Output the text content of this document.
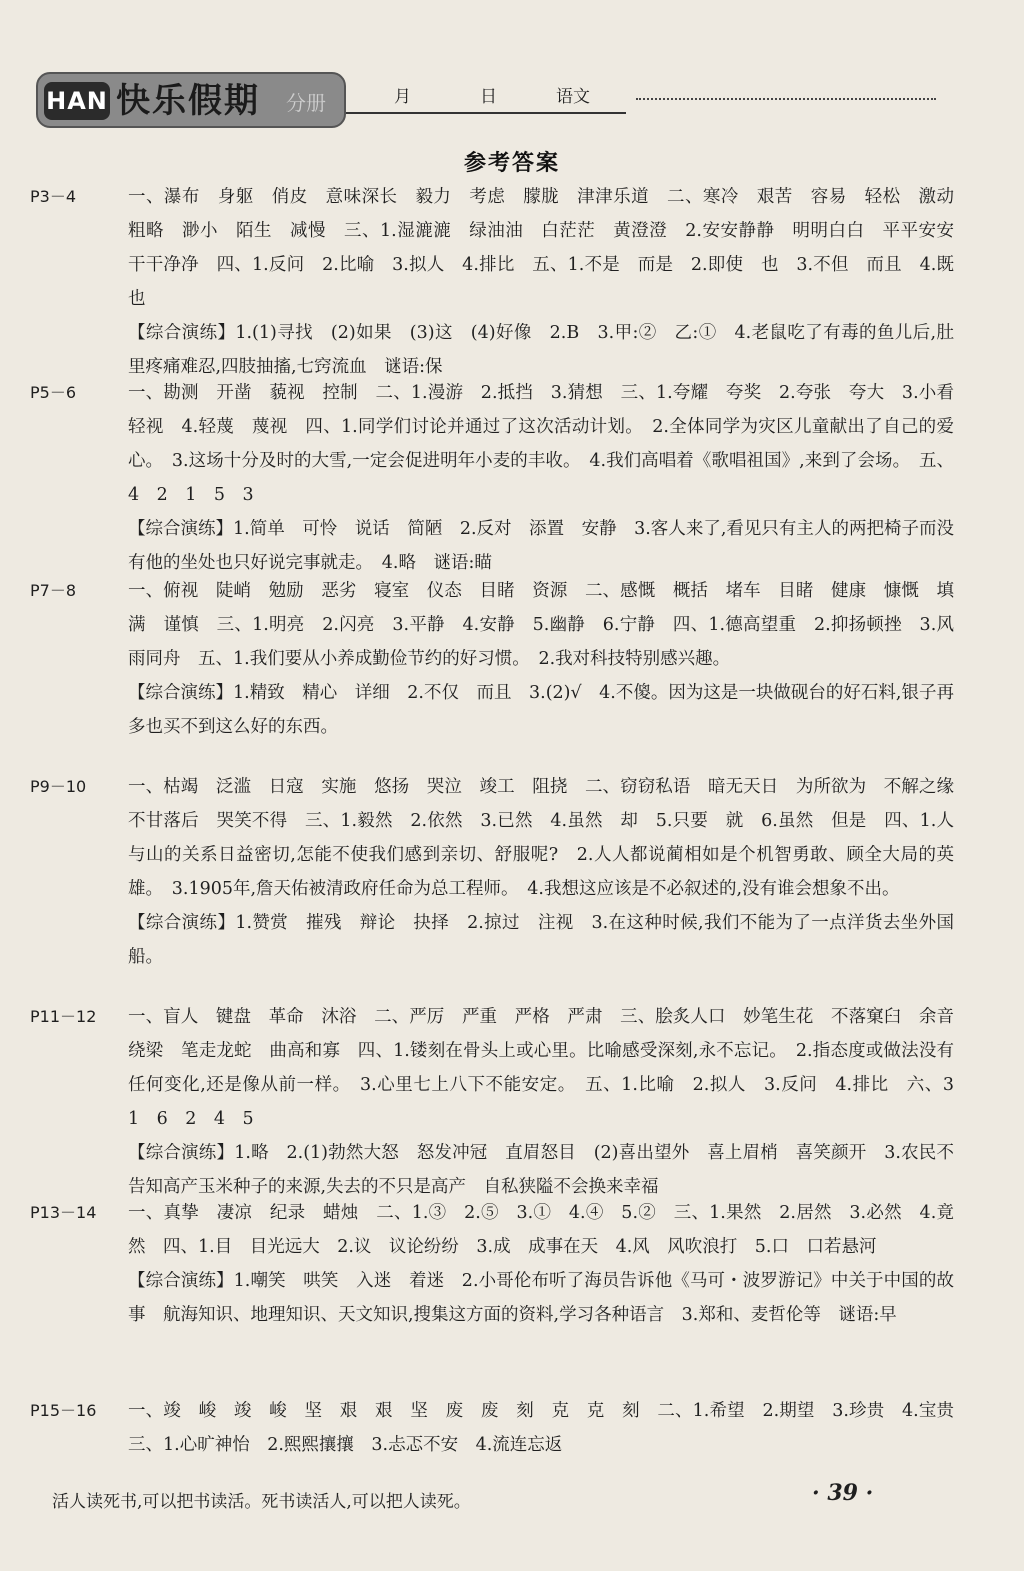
HAN 快乐假期 分册	月	日	语文
参考答案
P3－4	一、瀑布　身躯　俏皮　意味深长　毅力　考虑　朦胧　津津乐道　二、寒冷　艰苦　容易　轻松　激动　粗略　渺小　陌生　减慢　三、1.湿漉漉　绿油油　白茫茫　黄澄澄　2.安安静静　明明白白　平平安安　干干净净　四、1.反问　2.比喻　3.拟人　4.排比　五、1.不是　而是　2.即使　也　3.不但　而且　4.既　也
【综合演练】1.(1)寻找　(2)如果　(3)这　(4)好像　2.B　3.甲:②　乙:①　4.老鼠吃了有毒的鱼儿后,肚里疼痛难忍,四肢抽搐,七窍流血　谜语:保
P5－6	一、勘测　开凿　藐视　控制　二、1.漫游　2.抵挡　3.猜想　三、1.夸耀　夸奖　2.夸张　夸大　3.小看　轻视　4.轻蔑　蔑视　四、1.同学们讨论并通过了这次活动计划。　2.全体同学为灾区儿童献出了自己的爱心。　3.这场十分及时的大雪,一定会促进明年小麦的丰收。　4.我们高唱着《歌唱祖国》,来到了会场。　五、4　2　1　5　3
【综合演练】1.简单　可怜　说话　简陋　2.反对　添置　安静　3.客人来了,看见只有主人的两把椅子而没有他的坐处也只好说完事就走。　4.略　谜语:瞄
P7－8	一、俯视　陡峭　勉励　恶劣　寝室　仪态　目睹　资源　二、感慨　概括　堵车　目睹　健康　慷慨　填满　谨慎　三、1.明亮　2.闪亮　3.平静　4.安静　5.幽静　6.宁静　四、1.德高望重　2.抑扬顿挫　3.风雨同舟　五、1.我们要从小养成勤俭节约的好习惯。　2.我对科技特别感兴趣。
【综合演练】1.精致　精心　详细　2.不仅　而且　3.(2)√　4.不傻。因为这是一块做砚台的好石料,银子再多也买不到这么好的东西。
P9－10	一、枯竭　泛滥　日寇　实施　悠扬　哭泣　竣工　阻挠　二、窃窃私语　暗无天日　为所欲为　不解之缘　不甘落后　哭笑不得　三、1.毅然　2.依然　3.已然　4.虽然　却　5.只要　就　6.虽然　但是　四、1.人与山的关系日益密切,怎能不使我们感到亲切、舒服呢?　2.人人都说蔺相如是个机智勇敢、顾全大局的英雄。　3.1905年,詹天佑被清政府任命为总工程师。　4.我想这应该是不必叙述的,没有谁会想象不出。
【综合演练】1.赞赏　摧残　辩论　抉择　2.掠过　注视　3.在这种时候,我们不能为了一点洋货去坐外国船。
P11－12	一、盲人　键盘　革命　沐浴　二、严厉　严重　严格　严肃　三、脍炙人口　妙笔生花　不落窠臼　余音绕梁　笔走龙蛇　曲高和寡　四、1.镂刻在骨头上或心里。比喻感受深刻,永不忘记。　2.指态度或做法没有任何变化,还是像从前一样。　3.心里七上八下不能安定。　五、1.比喻　2.拟人　3.反问　4.排比　六、3　1　6　2　4　5
【综合演练】1.略　2.(1)勃然大怒　怒发冲冠　直眉怒目　(2)喜出望外　喜上眉梢　喜笑颜开　3.农民不告知高产玉米种子的来源,失去的不只是高产　自私狭隘不会换来幸福
P13－14	一、真挚　凄凉　纪录　蜡烛　二、1.③　2.⑤　3.①　4.④　5.②　三、1.果然　2.居然　3.必然　4.竟然　四、1.目　目光远大　2.议　议论纷纷　3.成　成事在天　4.风　风吹浪打　5.口　口若悬河
【综合演练】1.嘲笑　哄笑　入迷　着迷　2.小哥伦布听了海员告诉他《马可・波罗游记》中关于中国的故事　航海知识、地理知识、天文知识,搜集这方面的资料,学习各种语言　3.郑和、麦哲伦等　谜语:早
P15－16	一、竣　峻　竣　峻　坚　艰　艰　坚　废　废　刻　克　克　刻　二、1.希望　2.期望　3.珍贵　4.宝贵　三、1.心旷神怡　2.熙熙攘攘　3.忐忑不安　4.流连忘返
活人读死书,可以把书读活。死书读活人,可以把人读死。	· 39 ·
